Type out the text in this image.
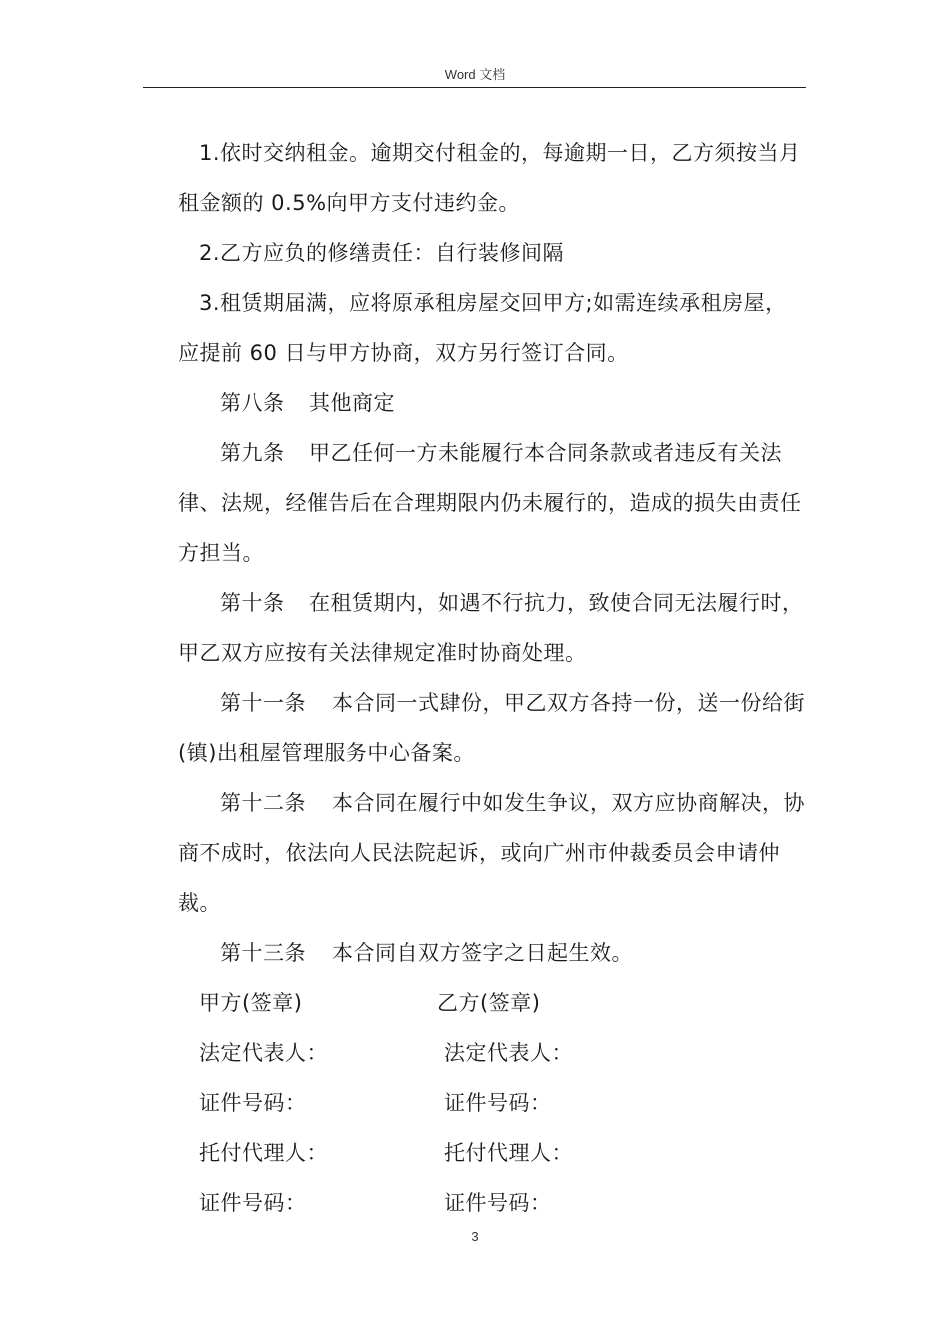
Word 文档

1.依时交纳租金。逾期交付租金的，每逾期一日，乙方须按当月租金额的 0.5%向甲方支付违约金。

2.乙方应负的修缮责任：自行装修间隔

3.租赁期届满，应将原承租房屋交回甲方;如需连续承租房屋，应提前 60 日与甲方协商，双方另行签订合同。

第八条 其他商定

第九条 甲乙任何一方未能履行本合同条款或者违反有关法律、法规，经催告后在合理期限内仍未履行的，造成的损失由责任方担当。

第十条 在租赁期内，如遇不行抗力，致使合同无法履行时，甲乙双方应按有关法律规定准时协商处理。

第十一条 本合同一式肆份，甲乙双方各持一份，送一份给街(镇)出租屋管理服务中心备案。

第十二条 本合同在履行中如发生争议，双方应协商解决，协商不成时，依法向人民法院起诉，或向广州市仲裁委员会申请仲裁。

第十三条 本合同自双方签字之日起生效。

甲方(签章)	乙方(签章)
法定代表人：	法定代表人：
证件号码：	证件号码：
托付代理人：	托付代理人：
证件号码：	证件号码：
3
